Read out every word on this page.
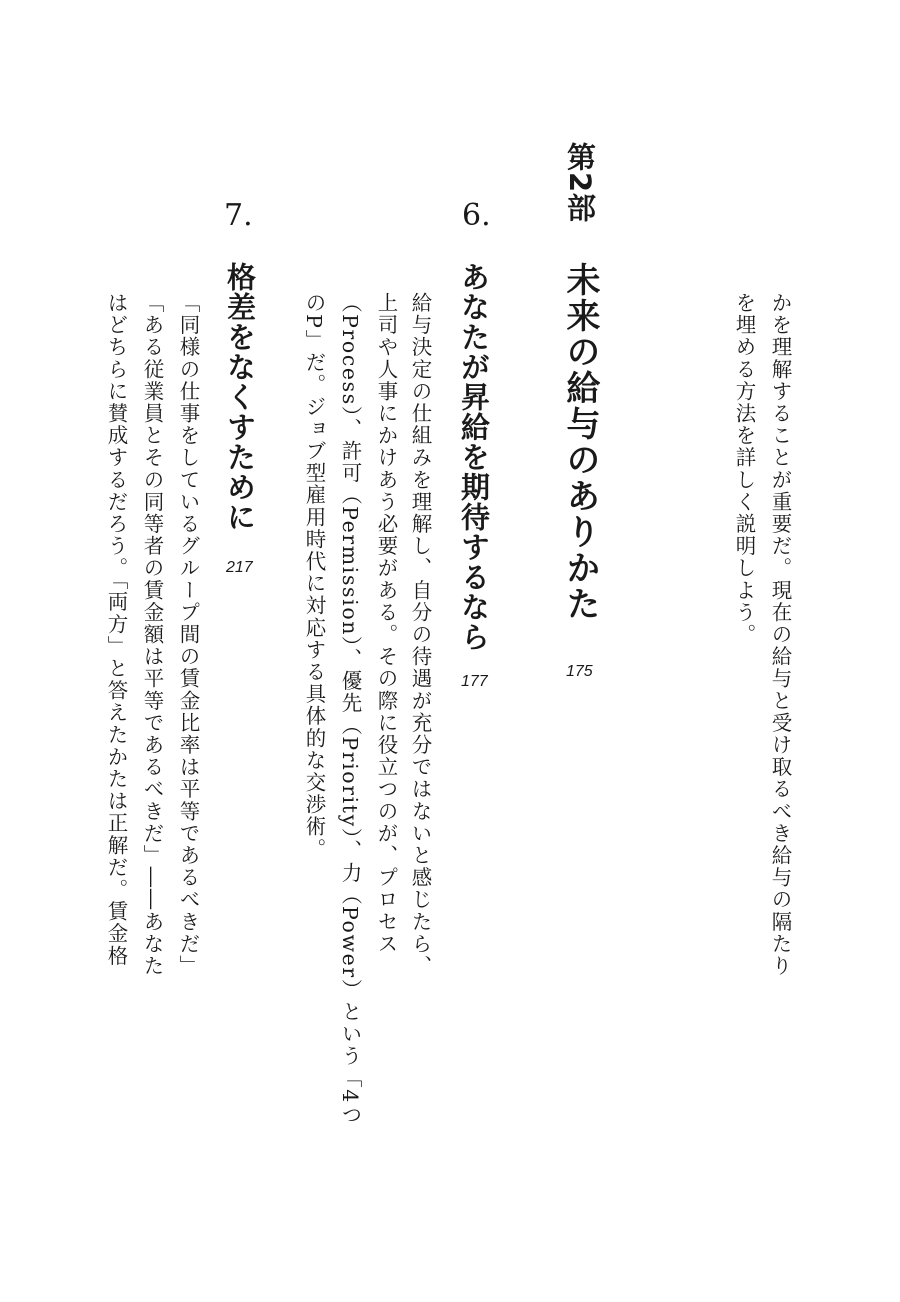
かを理解することが重要だ。現在の給与と受け取るべき給与の隔たり

を埋める方法を詳しく説明しよう。

第2部

未来の給与のありかた

175

6.

あなたが昇給を期待するなら

177

給与決定の仕組みを理解し、自分の待遇が充分ではないと感じたら、

上司や人事にかけあう必要がある。その際に役立つのが、プロセス

（Process）、許可（Permission）、優先（Priority）、力（Power）という「4つ

のP」だ。ジョブ型雇用時代に対応する具体的な交渉術。

7.

格差をなくすために

217

「同様の仕事をしているグループ間の賃金比率は平等であるべきだ」

「ある従業員とその同等者の賃金額は平等であるべきだ」――あなた

はどちらに賛成するだろう。「両方」と答えたかたは正解だ。賃金格
